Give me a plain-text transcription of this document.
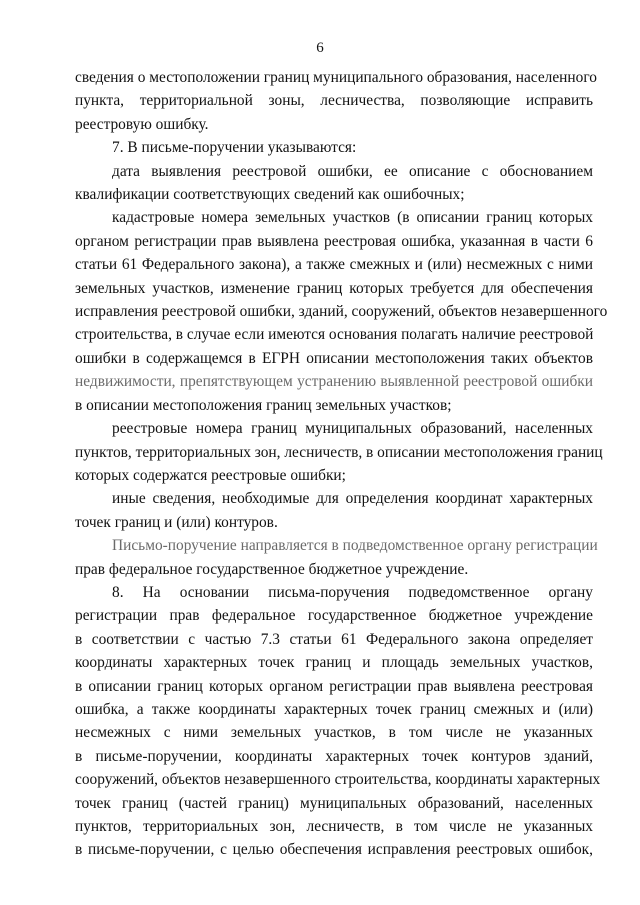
6
сведения о местоположении границ муниципального образования, населенного
пункта, территориальной зоны, лесничества, позволяющие исправить
реестровую ошибку.
7. В письме-поручении указываются:
дата выявления реестровой ошибки, ее описание с обоснованием
квалификации соответствующих сведений как ошибочных;
кадастровые номера земельных участков (в описании границ которых
органом регистрации прав выявлена реестровая ошибка, указанная в части 6
статьи 61 Федерального закона), а также смежных и (или) несмежных с ними
земельных участков, изменение границ которых требуется для обеспечения
исправления реестровой ошибки, зданий, сооружений, объектов незавершенного
строительства, в случае если имеются основания полагать наличие реестровой
ошибки в содержащемся в ЕГРН описании местоположения таких объектов
недвижимости, препятствующем устранению выявленной реестровой ошибки
в описании местоположения границ земельных участков;
реестровые номера границ муниципальных образований, населенных
пунктов, территориальных зон, лесничеств, в описании местоположения границ
которых содержатся реестровые ошибки;
иные сведения, необходимые для определения координат характерных
точек границ и (или) контуров.
Письмо-поручение направляется в подведомственное органу регистрации
прав федеральное государственное бюджетное учреждение.
8. На основании письма-поручения подведомственное органу
регистрации прав федеральное государственное бюджетное учреждение
в соответствии с частью 7.3 статьи 61 Федерального закона определяет
координаты характерных точек границ и площадь земельных участков,
в описании границ которых органом регистрации прав выявлена реестровая
ошибка, а также координаты характерных точек границ смежных и (или)
несмежных с ними земельных участков, в том числе не указанных
в письме-поручении, координаты характерных точек контуров зданий,
сооружений, объектов незавершенного строительства, координаты характерных
точек границ (частей границ) муниципальных образований, населенных
пунктов, территориальных зон, лесничеств, в том числе не указанных
в письме-поручении, с целью обеспечения исправления реестровых ошибок,
